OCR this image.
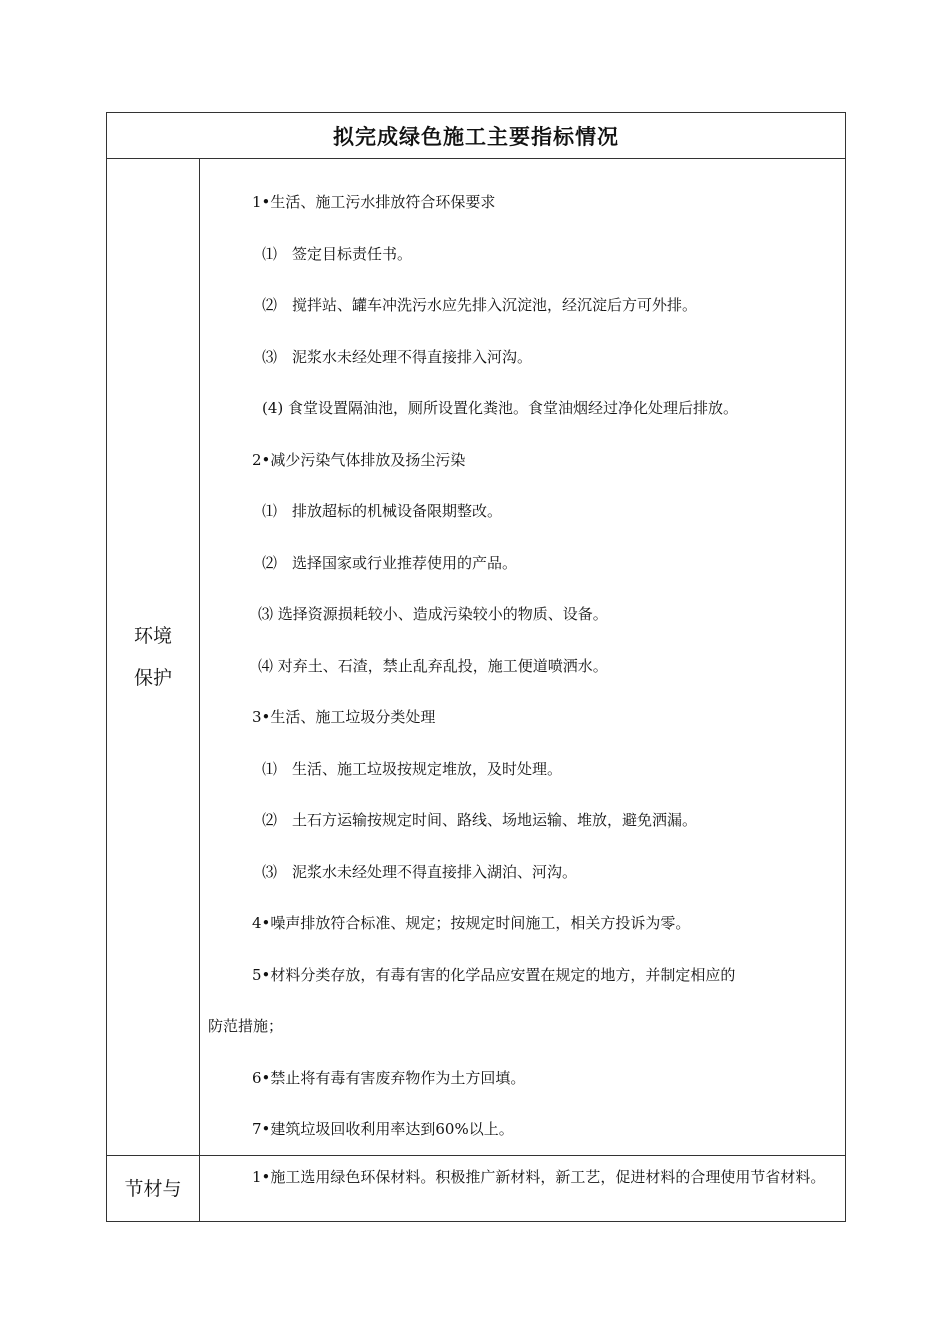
拟完成绿色施工主要指标情况
环境
保护
1•生活、施工污水排放符合环保要求
⑴　签定目标责任书。
⑵　搅拌站、罐车冲洗污水应先排入沉淀池，经沉淀后方可外排。
⑶　泥浆水未经处理不得直接排入河沟。
(4) 食堂设置隔油池，厕所设置化粪池。食堂油烟经过净化处理后排放。
2•减少污染气体排放及扬尘污染
⑴　排放超标的机械设备限期整改。
⑵　选择国家或行业推荐使用的产品。
⑶ 选择资源损耗较小、造成污染较小的物质、设备。
⑷ 对弃土、石渣，禁止乱弃乱投，施工便道喷洒水。
3•生活、施工垃圾分类处理
⑴　生活、施工垃圾按规定堆放，及时处理。
⑵　土石方运输按规定时间、路线、场地运输、堆放，避免洒漏。
⑶　泥浆水未经处理不得直接排入湖泊、河沟。
4•噪声排放符合标准、规定；按规定时间施工，相关方投诉为零。
5•材料分类存放，有毒有害的化学品应安置在规定的地方，并制定相应的
防范措施；
6•禁止将有毒有害废弃物作为土方回填。
7•建筑垃圾回收利用率达到60%以上。
节材与
1•施工选用绿色环保材料。积极推广新材料，新工艺，促进材料的合理使用节省材料。
